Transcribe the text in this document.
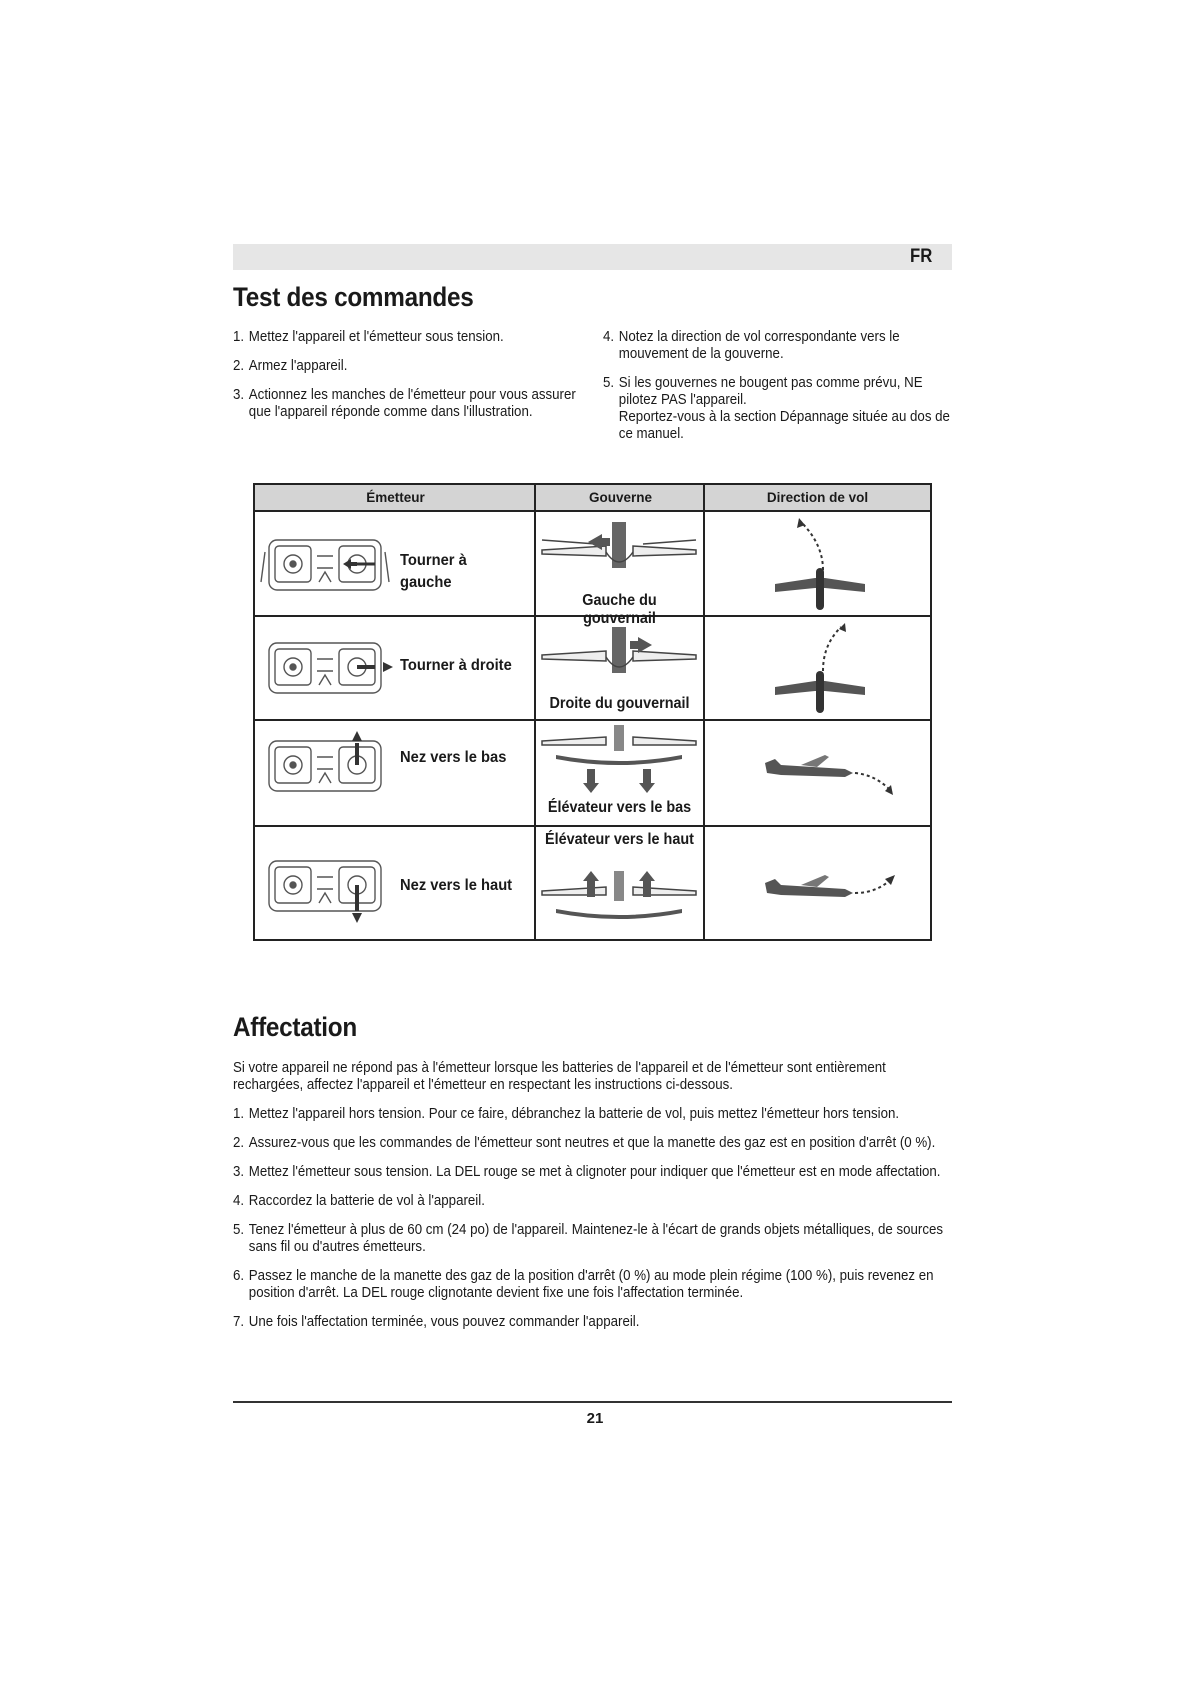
FR
Test des commandes
1. Mettez l'appareil et l'émetteur sous tension.
2. Armez l'appareil.
3. Actionnez les manches de l'émetteur pour vous assurer que l'appareil réponde comme dans l'illustration.
4. Notez la direction de vol correspondante vers le mouvement de la gouverne.
5. Si les gouvernes ne bougent pas comme prévu, NE pilotez PAS l'appareil.
Reportez-vous à la section Dépannage située au dos de ce manuel.
Émetteur	Gouverne	Direction de vol
Tourner à gauche
Gauche du gouvernail
Tourner à droite
Droite du gouvernail
Nez vers le bas
Élévateur vers le bas
Nez vers le haut
Élévateur vers le haut
Affectation

Si votre appareil ne répond pas à l'émetteur lorsque les batteries de l'appareil et de l'émetteur sont entièrement rechargées, affectez l'appareil et l'émetteur en respectant les instructions ci-dessous.

1. Mettez l'appareil hors tension. Pour ce faire, débranchez la batterie de vol, puis mettez l'émetteur hors tension.
2. Assurez-vous que les commandes de l'émetteur sont neutres et que la manette des gaz est en position d'arrêt (0 %).
3. Mettez l'émetteur sous tension. La DEL rouge se met à clignoter pour indiquer que l'émetteur est en mode affectation.
4. Raccordez la batterie de vol à l'appareil.
5. Tenez l'émetteur à plus de 60 cm (24 po) de l'appareil. Maintenez-le à l'écart de grands objets métalliques, de sources sans fil ou d'autres émetteurs.
6. Passez le manche de la manette des gaz de la position d'arrêt (0 %) au mode plein régime (100 %), puis revenez en position d'arrêt. La DEL rouge clignotante devient fixe une fois l'affectation terminée.
7. Une fois l'affectation terminée, vous pouvez commander l'appareil.
21
